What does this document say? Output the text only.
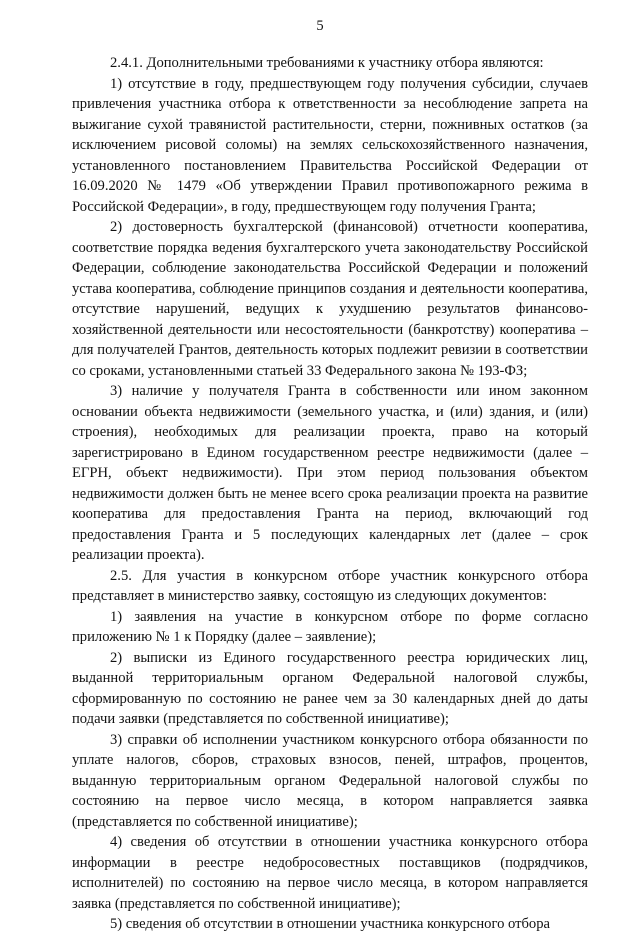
5

2.4.1. Дополнительными требованиями к участнику отбора являются:

1) отсутствие в году, предшествующем году получения субсидии, случаев привлечения участника отбора к ответственности за несоблюдение запрета на выжигание сухой травянистой растительности, стерни, пожнивных остатков (за исключением рисовой соломы) на землях сельскохозяйственного назначения, установленного постановлением Правительства Российской Федерации от 16.09.2020 № 1479 «Об утверждении Правил противопожарного режима в Российской Федерации», в году, предшествующем году получения Гранта;

2) достоверность бухгалтерской (финансовой) отчетности кооператива, соответствие порядка ведения бухгалтерского учета законодательству Российской Федерации, соблюдение законодательства Российской Федерации и положений устава кооператива, соблюдение принципов создания и деятельности кооператива, отсутствие нарушений, ведущих к ухудшению результатов финансово-хозяйственной деятельности или несостоятельности (банкротству) кооператива – для получателей Грантов, деятельность которых подлежит ревизии в соответствии со сроками, установленными статьей 33 Федерального закона № 193-ФЗ;

3) наличие у получателя Гранта в собственности или ином законном основании объекта недвижимости (земельного участка, и (или) здания, и (или) строения), необходимых для реализации проекта, право на который зарегистрировано в Едином государственном реестре недвижимости (далее – ЕГРН, объект недвижимости). При этом период пользования объектом недвижимости должен быть не менее всего срока реализации проекта на развитие кооператива для предоставления Гранта на период, включающий год предоставления Гранта и 5 последующих календарных лет (далее – срок реализации проекта).

2.5. Для участия в конкурсном отборе участник конкурсного отбора представляет в министерство заявку, состоящую из следующих документов:

1) заявления на участие в конкурсном отборе по форме согласно приложению № 1 к Порядку (далее – заявление);

2) выписки из Единого государственного реестра юридических лиц, выданной территориальным органом Федеральной налоговой службы, сформированную по состоянию не ранее чем за 30 календарных дней до даты подачи заявки (представляется по собственной инициативе);

3) справки об исполнении участником конкурсного отбора обязанности по уплате налогов, сборов, страховых взносов, пеней, штрафов, процентов, выданную территориальным органом Федеральной налоговой службы по состоянию на первое число месяца, в котором направляется заявка (представляется по собственной инициативе);

4) сведения об отсутствии в отношении участника конкурсного отбора информации в реестре недобросовестных поставщиков (подрядчиков, исполнителей) по состоянию на первое число месяца, в котором направляется заявка (представляется по собственной инициативе);

5) сведения об отсутствии в отношении участника конкурсного отбора
